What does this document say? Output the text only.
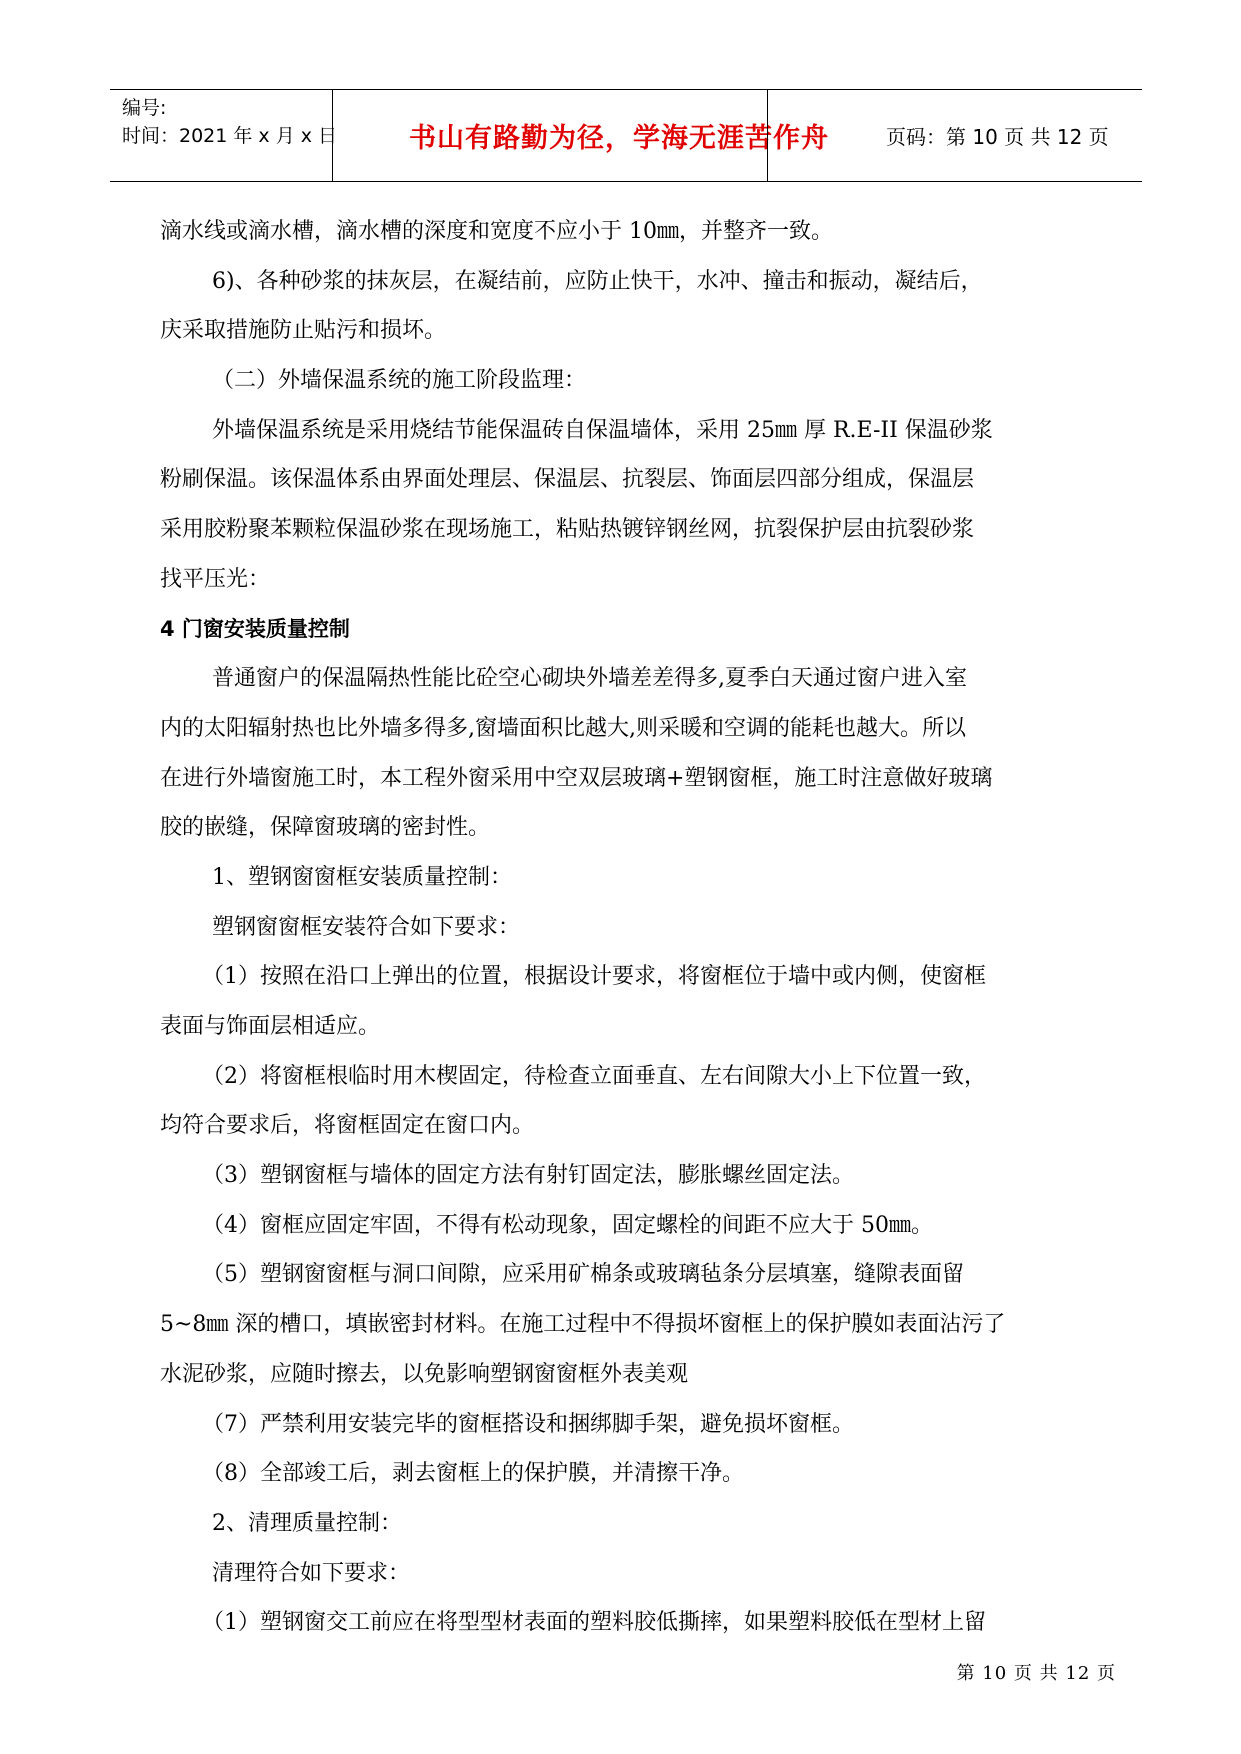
编号:
时间：2021 年 x 月 x 日	书山有路勤为径，学海无涯苦作舟	页码：第 10 页 共 12 页
滴水线或滴水槽，滴水槽的深度和宽度不应小于 10㎜，并整齐一致。
6)、各种砂浆的抹灰层，在凝结前，应防止快干，水冲、撞击和振动，凝结后，
庆采取措施防止贴污和损坏。
（二）外墙保温系统的施工阶段监理：
外墙保温系统是采用烧结节能保温砖自保温墙体，采用 25㎜ 厚 R.E-II 保温砂浆
粉刷保温。该保温体系由界面处理层、保温层、抗裂层、饰面层四部分组成，保温层
采用胶粉聚苯颗粒保温砂浆在现场施工，粘贴热镀锌钢丝网，抗裂保护层由抗裂砂浆
找平压光：
4 门窗安装质量控制
普通窗户的保温隔热性能比砼空心砌块外墙差差得多,夏季白天通过窗户进入室
内的太阳辐射热也比外墙多得多,窗墙面积比越大,则采暖和空调的能耗也越大。所以
在进行外墙窗施工时，本工程外窗采用中空双层玻璃+塑钢窗框，施工时注意做好玻璃
胶的嵌缝，保障窗玻璃的密封性。
1、塑钢窗窗框安装质量控制：
塑钢窗窗框安装符合如下要求：
（1）按照在沿口上弹出的位置，根据设计要求，将窗框位于墙中或内侧，使窗框
表面与饰面层相适应。
（2）将窗框根临时用木楔固定，待检查立面垂直、左右间隙大小上下位置一致，
均符合要求后，将窗框固定在窗口内。
（3）塑钢窗框与墙体的固定方法有射钉固定法，膨胀螺丝固定法。
（4）窗框应固定牢固，不得有松动现象，固定螺栓的间距不应大于 50㎜。
（5）塑钢窗窗框与洞口间隙，应采用矿棉条或玻璃毡条分层填塞，缝隙表面留
5~8㎜ 深的槽口，填嵌密封材料。在施工过程中不得损坏窗框上的保护膜如表面沾污了
水泥砂浆，应随时擦去，以免影响塑钢窗窗框外表美观
（7）严禁利用安装完毕的窗框搭设和捆绑脚手架，避免损坏窗框。
（8）全部竣工后，剥去窗框上的保护膜，并清擦干净。
2、清理质量控制：
清理符合如下要求：
（1）塑钢窗交工前应在将型型材表面的塑料胶低撕摔，如果塑料胶低在型材上留
第 10 页 共 12 页
